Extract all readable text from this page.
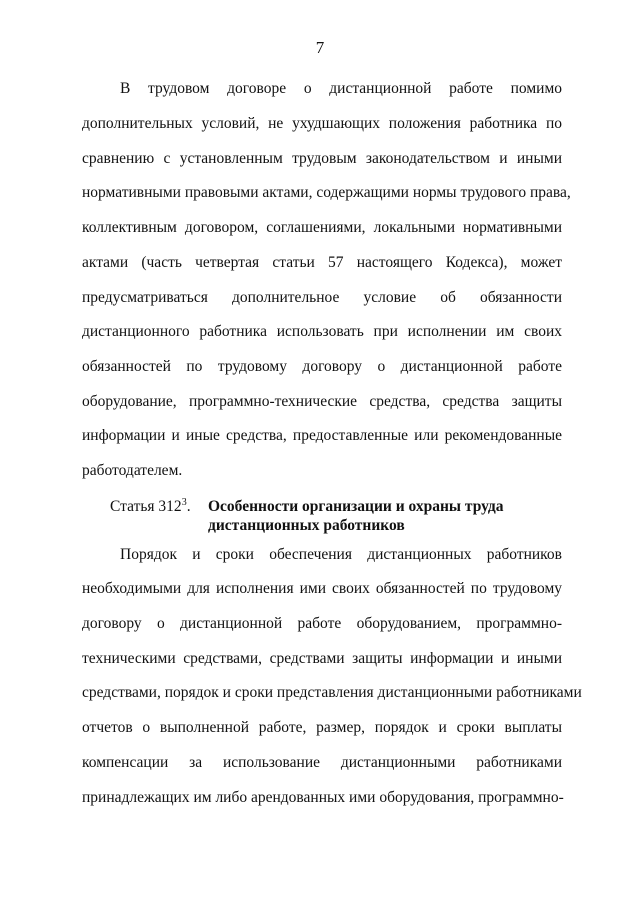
7
В трудовом договоре о дистанционной работе помимо
дополнительных условий, не ухудшающих положения работника по
сравнению с установленным трудовым законодательством и иными
нормативными правовыми актами, содержащими нормы трудового права,
коллективным договором, соглашениями, локальными нормативными
актами (часть четвертая статьи 57 настоящего Кодекса), может
предусматриваться дополнительное условие об обязанности
дистанционного работника использовать при исполнении им своих
обязанностей по трудовому договору о дистанционной работе
оборудование, программно-технические средства, средства защиты
информации и иные средства, предоставленные или рекомендованные
работодателем.
Статья $312^3$.	Особенности организации и охраны труда
дистанционных работников
Порядок и сроки обеспечения дистанционных работников
необходимыми для исполнения ими своих обязанностей по трудовому
договору о дистанционной работе оборудованием, программно-
техническими средствами, средствами защиты информации и иными
средствами, порядок и сроки представления дистанционными работниками
отчетов о выполненной работе, размер, порядок и сроки выплаты
компенсации за использование дистанционными работниками
принадлежащих им либо арендованных ими оборудования, программно-
